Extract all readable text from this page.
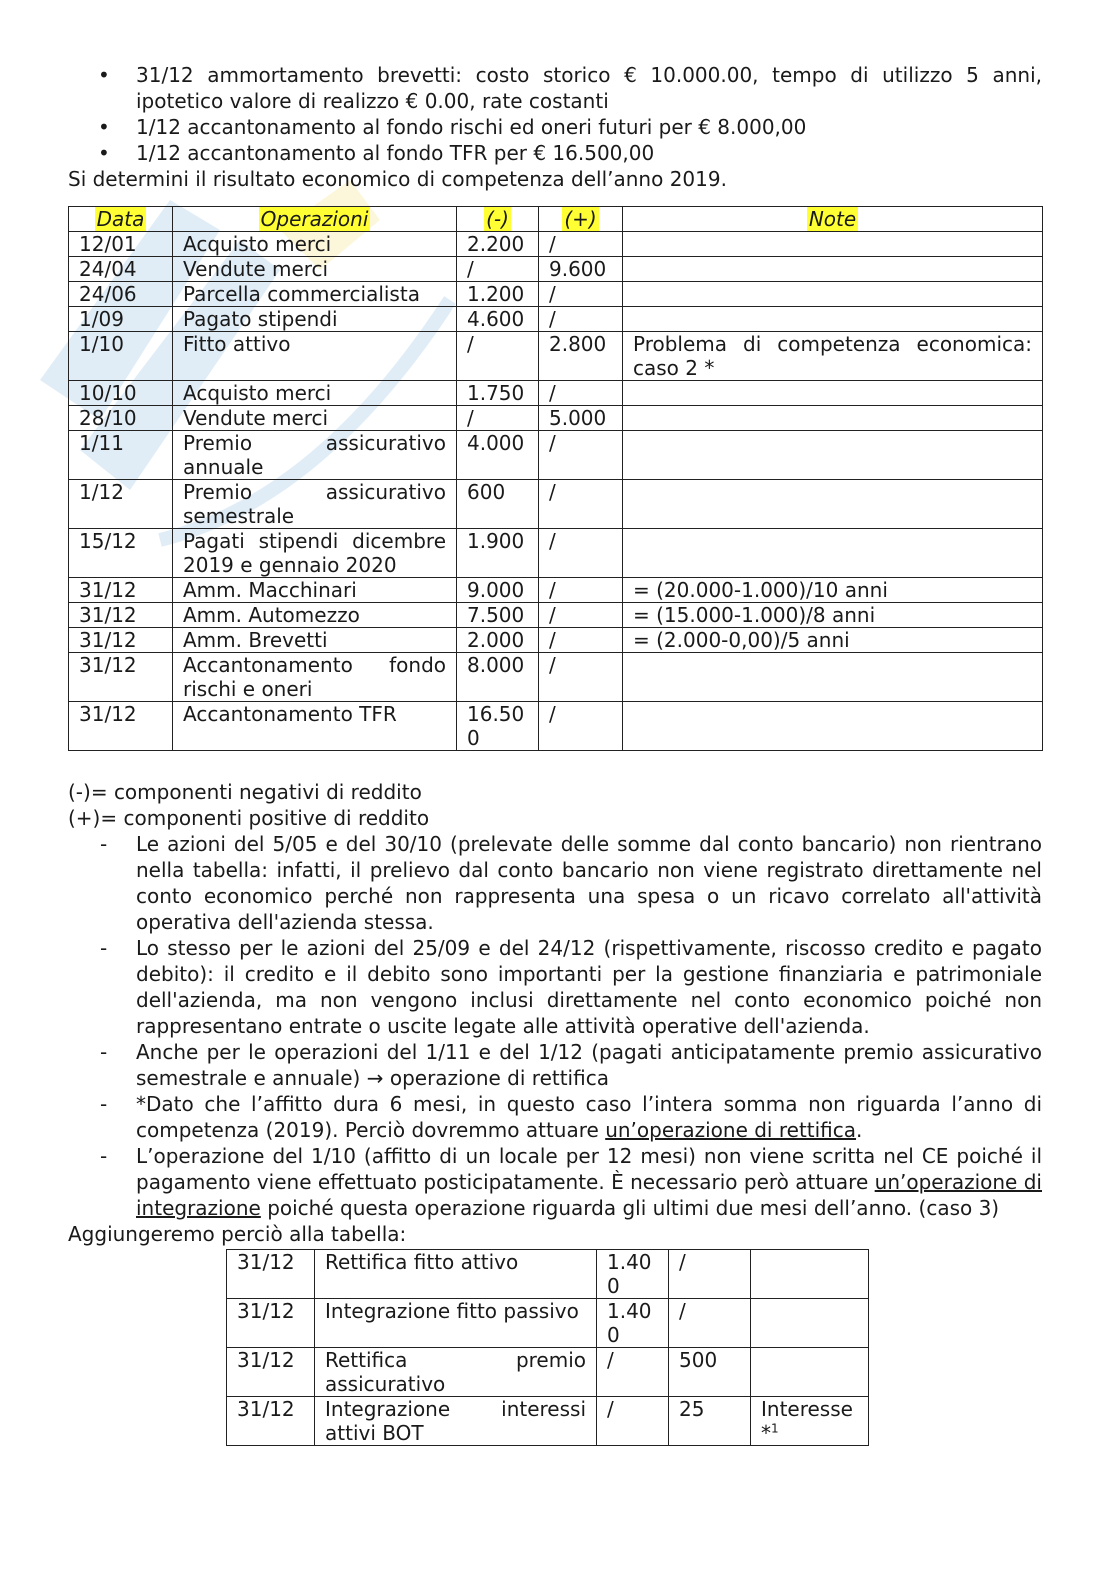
• 31/12 ammortamento brevetti: costo storico € 10.000.00, tempo di utilizzo 5 anni, ipotetico valore di realizzo € 0.00, rate costanti
• 1/12 accantonamento al fondo rischi ed oneri futuri per € 8.000,00
• 1/12 accantonamento al fondo TFR per € 16.500,00

Si determini il risultato economico di competenza dell’anno 2019.

Data	Operazioni	(-)	(+)	Note
12/01	Acquisto merci	2.200	/	
24/04	Vendute merci	/	9.600	
24/06	Parcella commercialista	1.200	/	
1/09	Pagato stipendi	4.600	/	
1/10	Fitto attivo	/	2.800	Problema di competenza economica: caso 2 *
10/10	Acquisto merci	1.750	/	
28/10	Vendute merci	/	5.000	
1/11	Premio assicurativo annuale	4.000	/	
1/12	Premio assicurativo semestrale	600	/	
15/12	Pagati stipendi dicembre 2019 e gennaio 2020	1.900	/	
31/12	Amm. Macchinari	9.000	/	= (20.000-1.000)/10 anni
31/12	Amm. Automezzo	7.500	/	= (15.000-1.000)/8 anni
31/12	Amm. Brevetti	2.000	/	= (2.000-0,00)/5 anni
31/12	Accantonamento fondo rischi e oneri	8.000	/	
31/12	Accantonamento TFR	16.50 0	/	

(-)= componenti negativi di reddito

(+)= componenti positive di reddito

- Le azioni del 5/05 e del 30/10 (prelevate delle somme dal conto bancario) non rientrano nella tabella: infatti, il prelievo dal conto bancario non viene registrato direttamente nel conto economico perché non rappresenta una spesa o un ricavo correlato all'attività operativa dell'azienda stessa.
- Lo stesso per le azioni del 25/09 e del 24/12 (rispettivamente, riscosso credito e pagato debito): il credito e il debito sono importanti per la gestione finanziaria e patrimoniale dell'azienda, ma non vengono inclusi direttamente nel conto economico poiché non rappresentano entrate o uscite legate alle attività operative dell'azienda.
- Anche per le operazioni del 1/11 e del 1/12 (pagati anticipatamente premio assicurativo semestrale e annuale) → operazione di rettifica
- *Dato che l’affitto dura 6 mesi, in questo caso l’intera somma non riguarda l’anno di competenza (2019). Perciò dovremmo attuare un’operazione di rettifica.
- L’operazione del 1/10 (affitto di un locale per 12 mesi) non viene scritta nel CE poiché il pagamento viene effettuato posticipatamente. È necessario però attuare un’operazione di integrazione poiché questa operazione riguarda gli ultimi due mesi dell’anno. (caso 3)

Aggiungeremo perciò alla tabella:

31/12	Rettifica fitto attivo	1.40 0	/	
31/12	Integrazione fitto passivo	1.40 0	/	
31/12	Rettifica premio assicurativo	/	500	
31/12	Integrazione interessi attivi BOT	/	25	Interesse *$^1$
